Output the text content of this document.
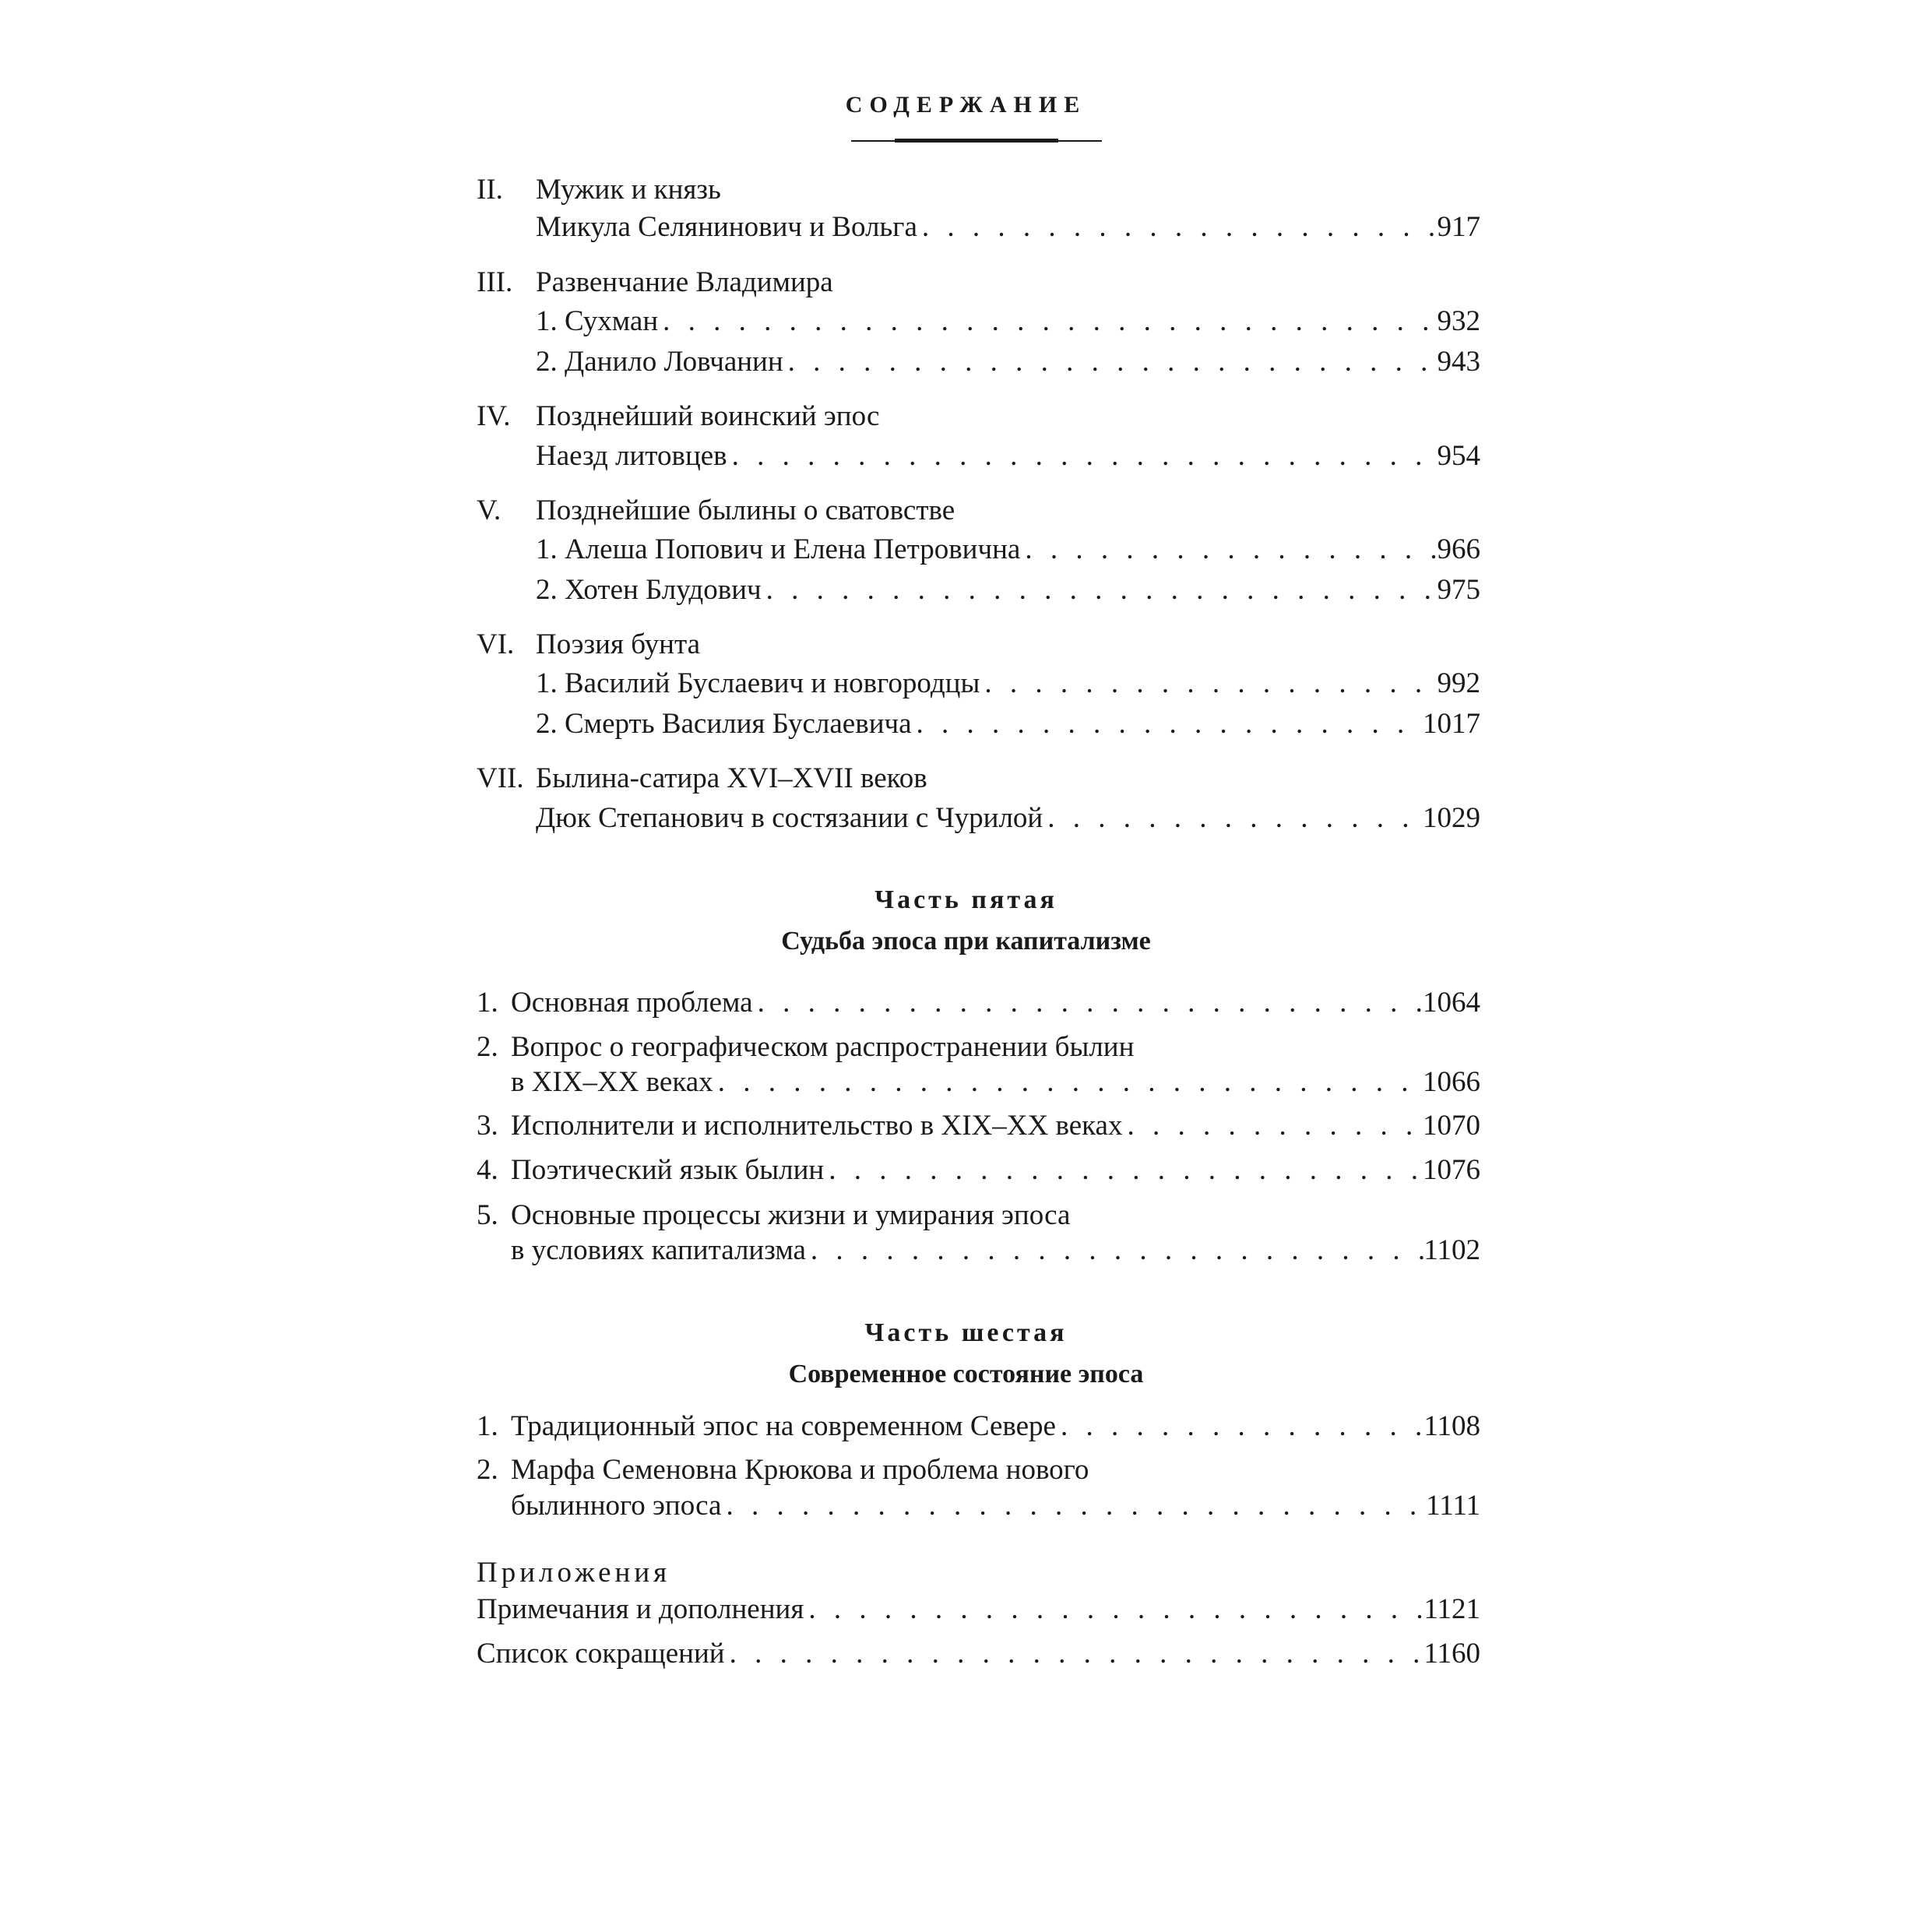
СОДЕРЖАНИЕ
II. Мужик и князь
Микула Селянинович и Вольга . . .	917
III. Развенчание Владимира
1. Сухман . . .	932
2. Данило Ловчанин . . .	943
IV. Позднейший воинский эпос
Наезд литовцев . . .	954
V. Позднейшие былины о сватовстве
1. Алеша Попович и Елена Петровична . . .	966
2. Хотен Блудович . . .	975
VI. Поэзия бунта
1. Василий Буслаевич и новгородцы . . .	992
2. Смерть Василия Буслаевича . . .	1017
VII. Былина-сатира XVI–XVII веков
Дюк Степанович в состязании с Чурилой . . .	1029
Часть пятая
Судьба эпоса при капитализме
1. Основная проблема . . .	1064
2. Вопрос о географическом распространении былин
в XIX–XX веках . . .	1066
3. Исполнители и исполнительство в XIX–XX веках . . .	1070
4. Поэтический язык былин . . .	1076
5. Основные процессы жизни и умирания эпоса
в условиях капитализма . . .	1102
Часть шестая
Современное состояние эпоса
1. Традиционный эпос на современном Севере . . .	1108
2. Марфа Семеновна Крюкова и проблема нового
былинного эпоса . . .	1111
Приложения
Примечания и дополнения . . .	1121
Список сокращений . . .	1160
